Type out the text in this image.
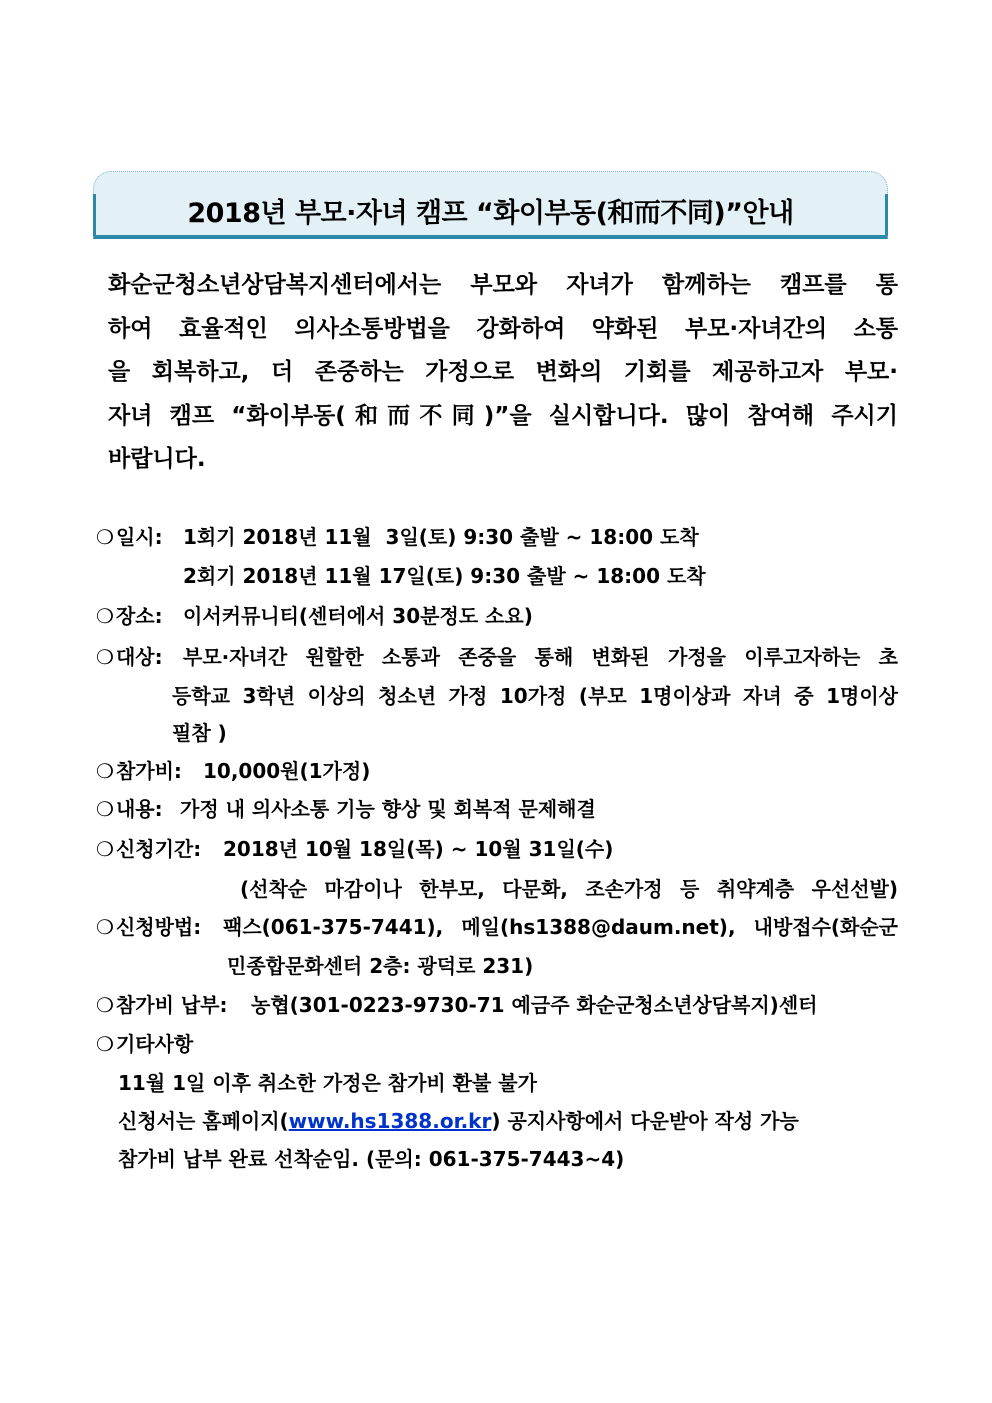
2018년 부모·자녀 캠프 “화이부동(和而不同)”안내
화순군청소년상담복지센터에서는 부모와 자녀가 함께하는 캠프를 통
하여 효율적인 의사소통방법을 강화하여 약화된 부모·자녀간의 소통
을 회복하고, 더 존중하는 가정으로 변화의 기회를 제공하고자 부모·
자녀 캠프 “화이부동(和而不同)”을 실시합니다. 많이 참여해 주시기
바랍니다.
❍ 일시: 1회기 2018년 11월  3일(토) 9:30 출발 ~ 18:00 도착
2회기 2018년 11월 17일(토) 9:30 출발 ~ 18:00 도착
❍ 장소: 이서커뮤니티(센터에서 30분정도 소요)
❍ 대상: 부모·자녀간 원할한 소통과 존중을 통해 변화된 가정을 이루고자하는 초
등학교 3학년 이상의 청소년 가정 10가정 (부모 1명이상과 자녀 중 1명이상
필참 )
❍ 참가비: 10,000원(1가정)
❍ 내용: 가정 내 의사소통 기능 향상 및 회복적 문제해결
❍ 신청기간: 2018년 10월 18일(목) ~ 10월 31일(수)
(선착순 마감이나 한부모, 다문화, 조손가정 등 취약계층 우선선발)
❍ 신청방법: 팩스(061-375-7441), 메일(hs1388@daum.net), 내방접수(화순군
민종합문화센터 2층: 광덕로 231)
❍ 참가비 납부: 농협(301-0223-9730-71 예금주 화순군청소년상담복지)센터
❍ 기타사항
11월 1일 이후 취소한 가정은 참가비 환불 불가
신청서는 홈페이지(www.hs1388.or.kr) 공지사항에서 다운받아 작성 가능
참가비 납부 완료 선착순임. (문의: 061-375-7443~4)
